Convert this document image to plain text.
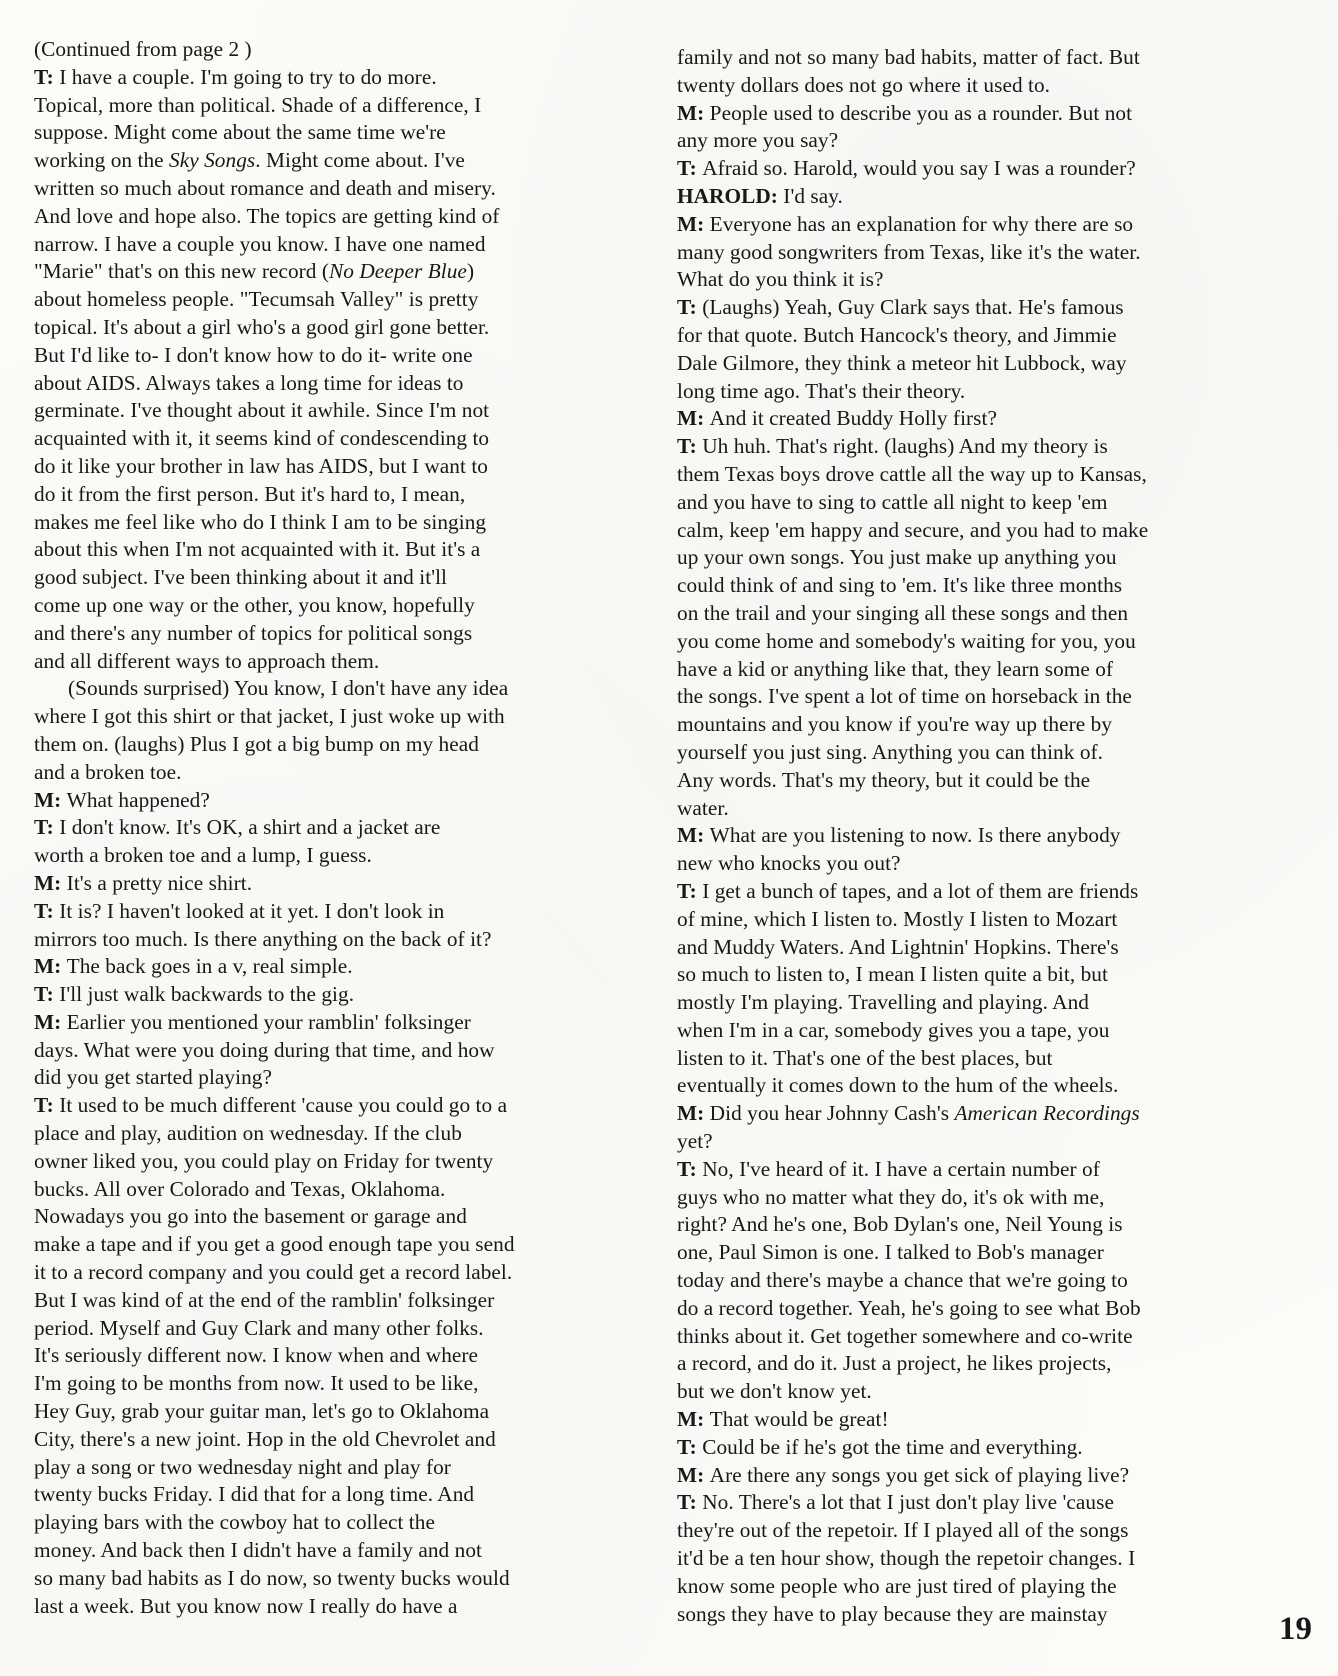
(Continued from page 2 )
T: I have a couple. I'm going to try to do more.
Topical, more than political. Shade of a difference, I
suppose. Might come about the same time we're
working on the Sky Songs. Might come about. I've
written so much about romance and death and misery.
And love and hope also. The topics are getting kind of
narrow. I have a couple you know. I have one named
"Marie" that's on this new record (No Deeper Blue)
about homeless people. "Tecumsah Valley" is pretty
topical. It's about a girl who's a good girl gone better.
But I'd like to- I don't know how to do it- write one
about AIDS. Always takes a long time for ideas to
germinate. I've thought about it awhile. Since I'm not
acquainted with it, it seems kind of condescending to
do it like your brother in law has AIDS, but I want to
do it from the first person. But it's hard to, I mean,
makes me feel like who do I think I am to be singing
about this when I'm not acquainted with it. But it's a
good subject. I've been thinking about it and it'll
come up one way or the other, you know, hopefully
and there's any number of topics for political songs
and all different ways to approach them.
(Sounds surprised) You know, I don't have any idea
where I got this shirt or that jacket, I just woke up with
them on. (laughs) Plus I got a big bump on my head
and a broken toe.
M: What happened?
T: I don't know. It's OK, a shirt and a jacket are
worth a broken toe and a lump, I guess.
M: It's a pretty nice shirt.
T: It is? I haven't looked at it yet. I don't look in
mirrors too much. Is there anything on the back of it?
M: The back goes in a v, real simple.
T: I'll just walk backwards to the gig.
M: Earlier you mentioned your ramblin' folksinger
days. What were you doing during that time, and how
did you get started playing?
T: It used to be much different 'cause you could go to a
place and play, audition on wednesday. If the club
owner liked you, you could play on Friday for twenty
bucks. All over Colorado and Texas, Oklahoma.
Nowadays you go into the basement or garage and
make a tape and if you get a good enough tape you send
it to a record company and you could get a record label.
But I was kind of at the end of the ramblin' folksinger
period. Myself and Guy Clark and many other folks.
It's seriously different now. I know when and where
I'm going to be months from now. It used to be like,
Hey Guy, grab your guitar man, let's go to Oklahoma
City, there's a new joint. Hop in the old Chevrolet and
play a song or two wednesday night and play for
twenty bucks Friday. I did that for a long time. And
playing bars with the cowboy hat to collect the
money. And back then I didn't have a family and not
so many bad habits as I do now, so twenty bucks would
last a week. But you know now I really do have a
family and not so many bad habits, matter of fact. But
twenty dollars does not go where it used to.
M: People used to describe you as a rounder. But not
any more you say?
T: Afraid so. Harold, would you say I was a rounder?
HAROLD: I'd say.
M: Everyone has an explanation for why there are so
many good songwriters from Texas, like it's the water.
What do you think it is?
T: (Laughs) Yeah, Guy Clark says that. He's famous
for that quote. Butch Hancock's theory, and Jimmie
Dale Gilmore, they think a meteor hit Lubbock, way
long time ago. That's their theory.
M: And it created Buddy Holly first?
T: Uh huh. That's right. (laughs) And my theory is
them Texas boys drove cattle all the way up to Kansas,
and you have to sing to cattle all night to keep 'em
calm, keep 'em happy and secure, and you had to make
up your own songs. You just make up anything you
could think of and sing to 'em. It's like three months
on the trail and your singing all these songs and then
you come home and somebody's waiting for you, you
have a kid or anything like that, they learn some of
the songs. I've spent a lot of time on horseback in the
mountains and you know if you're way up there by
yourself you just sing. Anything you can think of.
Any words. That's my theory, but it could be the
water.
M: What are you listening to now. Is there anybody
new who knocks you out?
T: I get a bunch of tapes, and a lot of them are friends
of mine, which I listen to. Mostly I listen to Mozart
and Muddy Waters. And Lightnin' Hopkins. There's
so much to listen to, I mean I listen quite a bit, but
mostly I'm playing. Travelling and playing. And
when I'm in a car, somebody gives you a tape, you
listen to it. That's one of the best places, but
eventually it comes down to the hum of the wheels.
M: Did you hear Johnny Cash's American Recordings
yet?
T: No, I've heard of it. I have a certain number of
guys who no matter what they do, it's ok with me,
right? And he's one, Bob Dylan's one, Neil Young is
one, Paul Simon is one. I talked to Bob's manager
today and there's maybe a chance that we're going to
do a record together. Yeah, he's going to see what Bob
thinks about it. Get together somewhere and co-write
a record, and do it. Just a project, he likes projects,
but we don't know yet.
M: That would be great!
T: Could be if he's got the time and everything.
M: Are there any songs you get sick of playing live?
T: No. There's a lot that I just don't play live 'cause
they're out of the repetoir. If I played all of the songs
it'd be a ten hour show, though the repetoir changes. I
know some people who are just tired of playing the
songs they have to play because they are mainstay	19
